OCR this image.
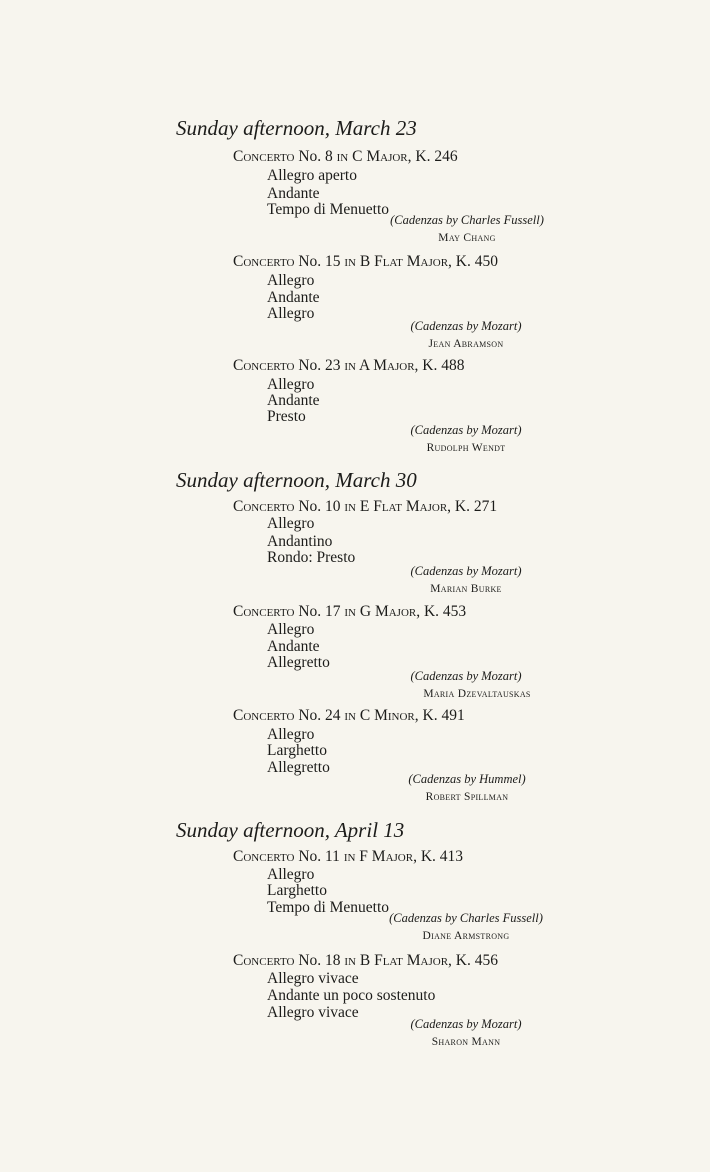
Sunday afternoon, March 23
Concerto No. 8 in C Major, K. 246
Allegro aperto
Andante
Tempo di Menuetto
(Cadenzas by Charles Fussell)
May Chang
Concerto No. 15 in B Flat Major, K. 450
Allegro
Andante
Allegro
(Cadenzas by Mozart)
Jean Abramson
Concerto No. 23 in A Major, K. 488
Allegro
Andante
Presto
(Cadenzas by Mozart)
Rudolph Wendt
Sunday afternoon, March 30
Concerto No. 10 in E Flat Major, K. 271
Allegro
Andantino
Rondo: Presto
(Cadenzas by Mozart)
Marian Burke
Concerto No. 17 in G Major, K. 453
Allegro
Andante
Allegretto
(Cadenzas by Mozart)
Maria Dzevaltauskas
Concerto No. 24 in C Minor, K. 491
Allegro
Larghetto
Allegretto
(Cadenzas by Hummel)
Robert Spillman
Sunday afternoon, April 13
Concerto No. 11 in F Major, K. 413
Allegro
Larghetto
Tempo di Menuetto
(Cadenzas by Charles Fussell)
Diane Armstrong
Concerto No. 18 in B Flat Major, K. 456
Allegro vivace
Andante un poco sostenuto
Allegro vivace
(Cadenzas by Mozart)
Sharon Mann
